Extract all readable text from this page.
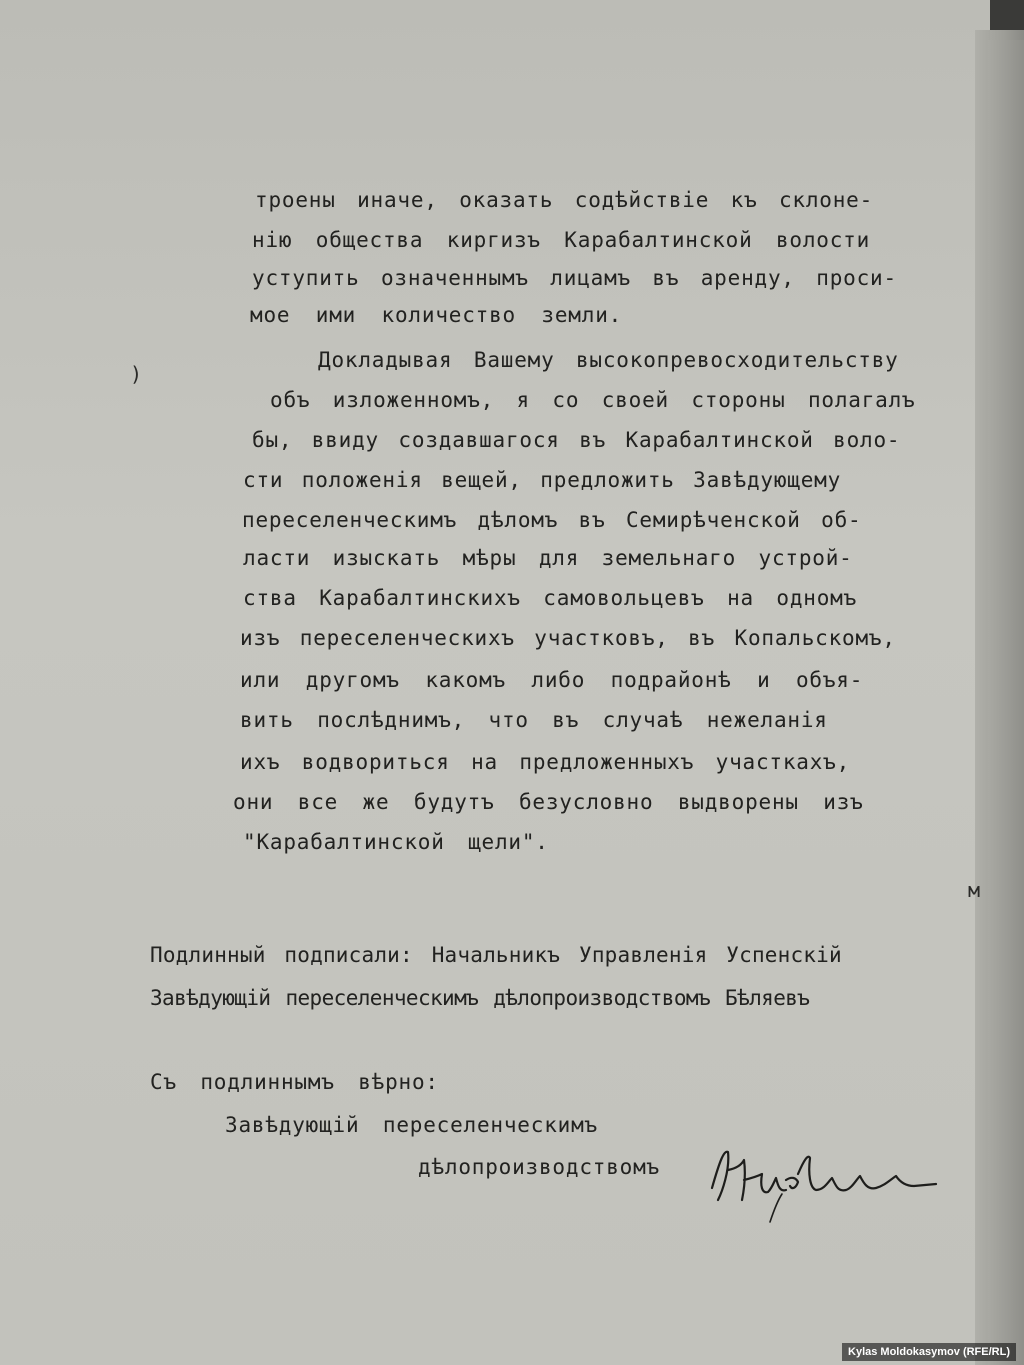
троены иначе, оказать содѣйствіе къ склоне-
нію общества киргизъ Карабалтинской волости
уступить означеннымъ лицамъ въ аренду, проси-
мое ими количество земли.
Докладывая Вашему высокопревосходительству
объ изложенномъ, я со своей стороны полагалъ
бы, ввиду создавшагося въ Карабалтинской воло-
сти положенія вещей, предложить Завѣдующему
переселенческимъ дѣломъ въ Семирѣченской об-
ласти изыскать мѣры для земельнаго устрой-
ства Карабалтинскихъ самовольцевъ на одномъ
изъ переселенческихъ участковъ, въ Копальскомъ,
или другомъ какомъ либо подрайонѣ и объя-
вить послѣднимъ, что въ случаѣ нежеланія
ихъ водвориться на предложенныхъ участкахъ,
они все же будутъ безусловно выдворены изъ
"Карабалтинской щели".
)
м
Подлинный подписали: Начальникъ Управленія Успенскій
Завѣдующій переселенческимъ дѣлопроизводствомъ Бѣляевъ
Съ подлиннымъ вѣрно:
Завѣдующій переселенческимъ
дѣлопроизводствомъ
Kylas Moldokasymov (RFE/RL)
